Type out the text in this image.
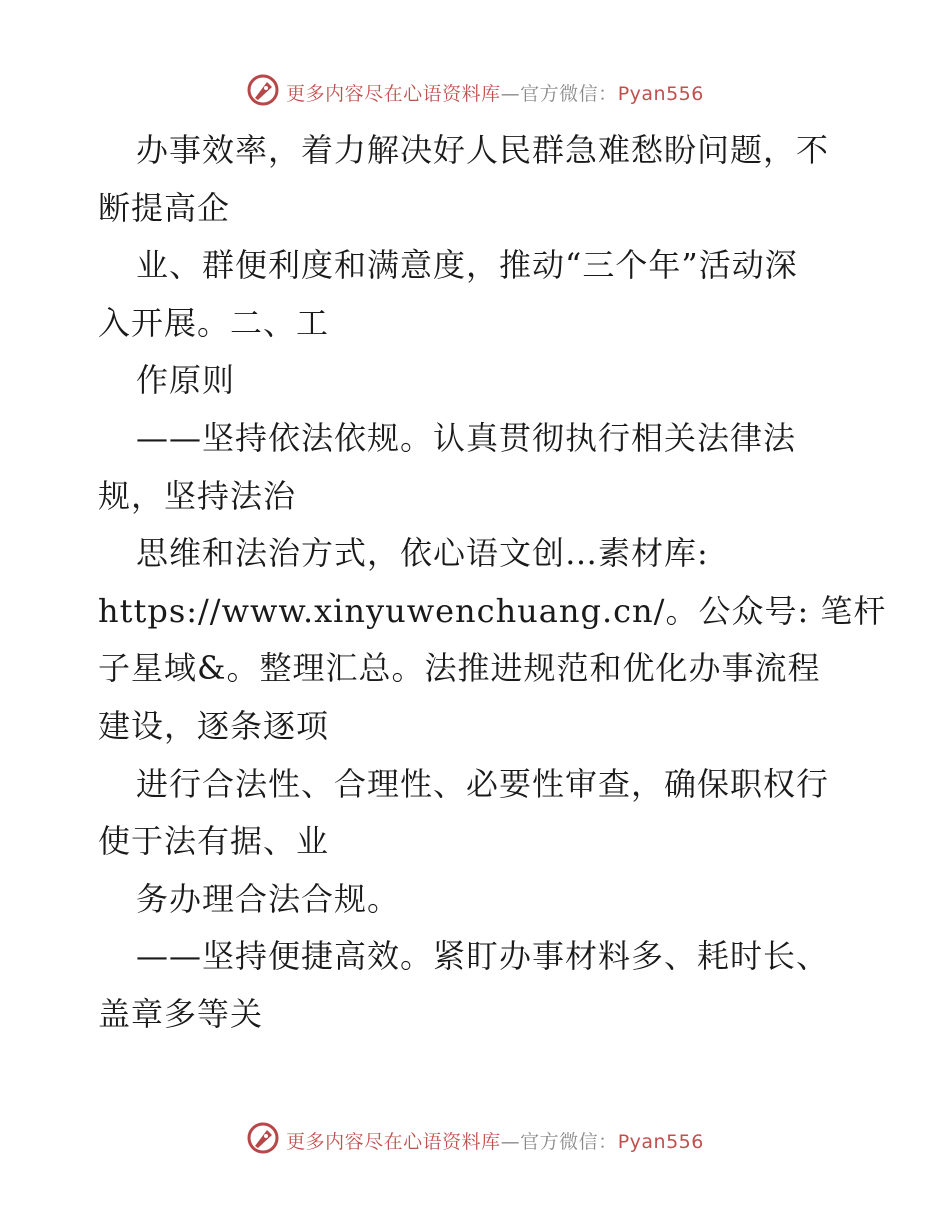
更多内容尽在心语资料库—官方微信：Pyan556
办事效率，着力解决好人民群急难愁盼问题，不
断提高企
业、群便利度和满意度，推动“三个年”活动深
入开展。二、工
作原则
——坚持依法依规。认真贯彻执行相关法律法
规，坚持法治
思维和法治方式，依心语文创…素材库:
https://www.xinyuwenchuang.cn/。公众号: 笔杆
子星域&。整理汇总。法推进规范和优化办事流程
建设，逐条逐项
进行合法性、合理性、必要性审查，确保职权行
使于法有据、业
务办理合法合规。
——坚持便捷高效。紧盯办事材料多、耗时长、
盖章多等关
更多内容尽在心语资料库—官方微信：Pyan556
